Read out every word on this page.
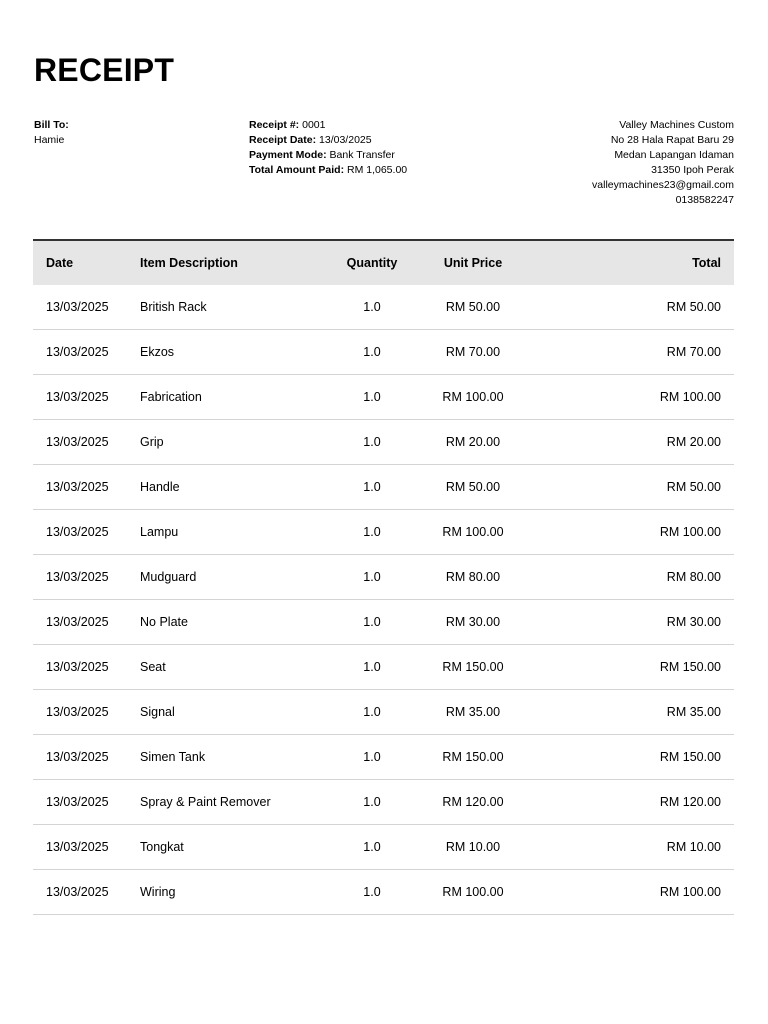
RECEIPT
Bill To:
Hamie
Receipt #: 0001
Receipt Date: 13/03/2025
Payment Mode: Bank Transfer
Total Amount Paid: RM 1,065.00
Valley Machines Custom
No 28 Hala Rapat Baru 29
Medan Lapangan Idaman
31350 Ipoh Perak
valleymachines23@gmail.com
0138582247
Date	Item Description	Quantity	Unit Price	Total
13/03/2025	British Rack	1.0	RM 50.00	RM 50.00
13/03/2025	Ekzos	1.0	RM 70.00	RM 70.00
13/03/2025	Fabrication	1.0	RM 100.00	RM 100.00
13/03/2025	Grip	1.0	RM 20.00	RM 20.00
13/03/2025	Handle	1.0	RM 50.00	RM 50.00
13/03/2025	Lampu	1.0	RM 100.00	RM 100.00
13/03/2025	Mudguard	1.0	RM 80.00	RM 80.00
13/03/2025	No Plate	1.0	RM 30.00	RM 30.00
13/03/2025	Seat	1.0	RM 150.00	RM 150.00
13/03/2025	Signal	1.0	RM 35.00	RM 35.00
13/03/2025	Simen Tank	1.0	RM 150.00	RM 150.00
13/03/2025	Spray & Paint Remover	1.0	RM 120.00	RM 120.00
13/03/2025	Tongkat	1.0	RM 10.00	RM 10.00
13/03/2025	Wiring	1.0	RM 100.00	RM 100.00
